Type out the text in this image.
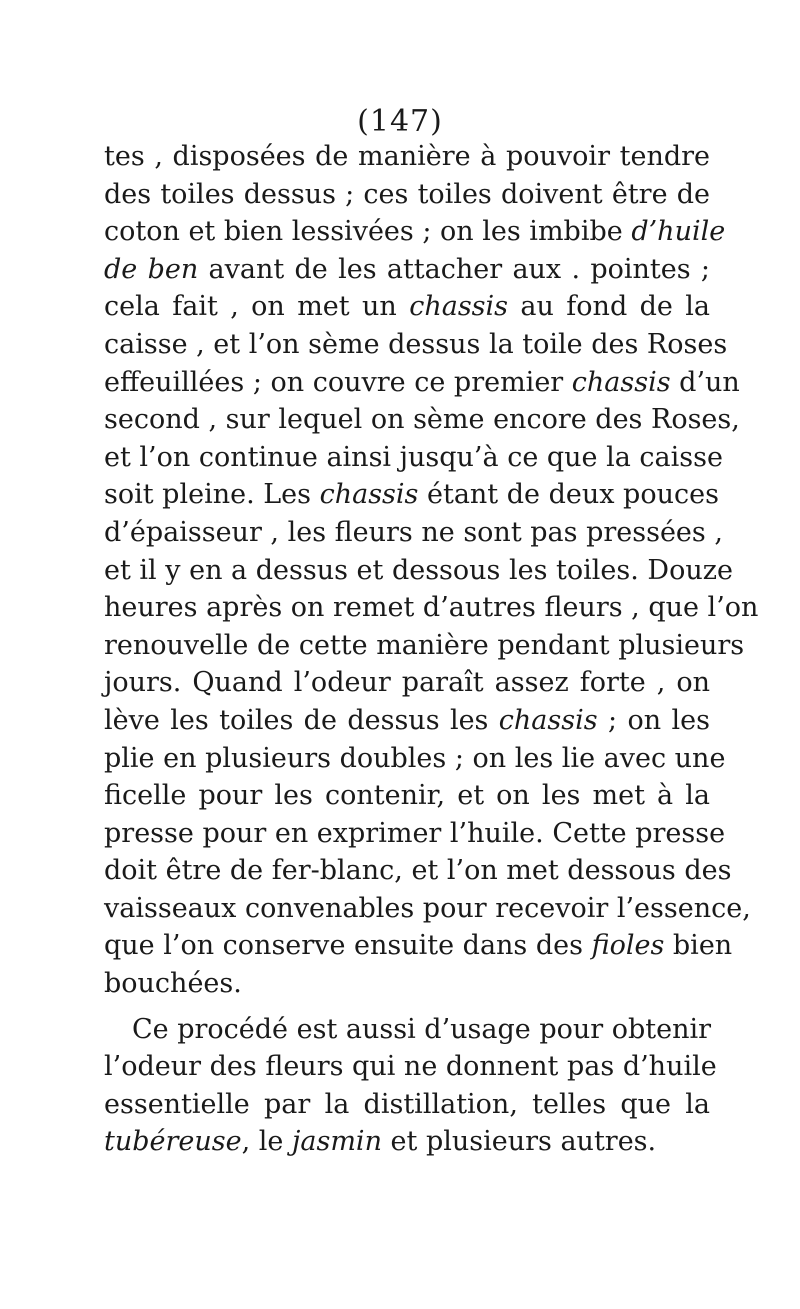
(147)
tes , disposées de manière à pouvoir tendre
des toiles dessus ; ces toiles doivent être de
coton et bien lessivées ; on les imbibe d’huile
de ben avant de les attacher aux . pointes ;
cela fait , on met un chassis au fond de la
caisse , et l’on sème dessus la toile des Roses
effeuillées ; on couvre ce premier chassis d’un
second , sur lequel on sème encore des Roses,
et l’on continue ainsi jusqu’à ce que la caisse
soit pleine. Les chassis étant de deux pouces
d’épaisseur , les fleurs ne sont pas pressées ,
et il y en a dessus et dessous les toiles. Douze
heures après on remet d’autres fleurs , que l’on
renouvelle de cette manière pendant plusieurs
jours. Quand l’odeur paraît assez forte , on
lève les toiles de dessus les chassis ; on les
plie en plusieurs doubles ; on les lie avec une
ficelle pour les contenir, et on les met à la
presse pour en exprimer l’huile. Cette presse
doit être de fer-blanc, et l’on met dessous des
vaisseaux convenables pour recevoir l’essence,
que l’on conserve ensuite dans des fioles bien
bouchées.
Ce procédé est aussi d’usage pour obtenir
l’odeur des fleurs qui ne donnent pas d’huile
essentielle par la distillation, telles que la
tubéreuse, le jasmin et plusieurs autres.
